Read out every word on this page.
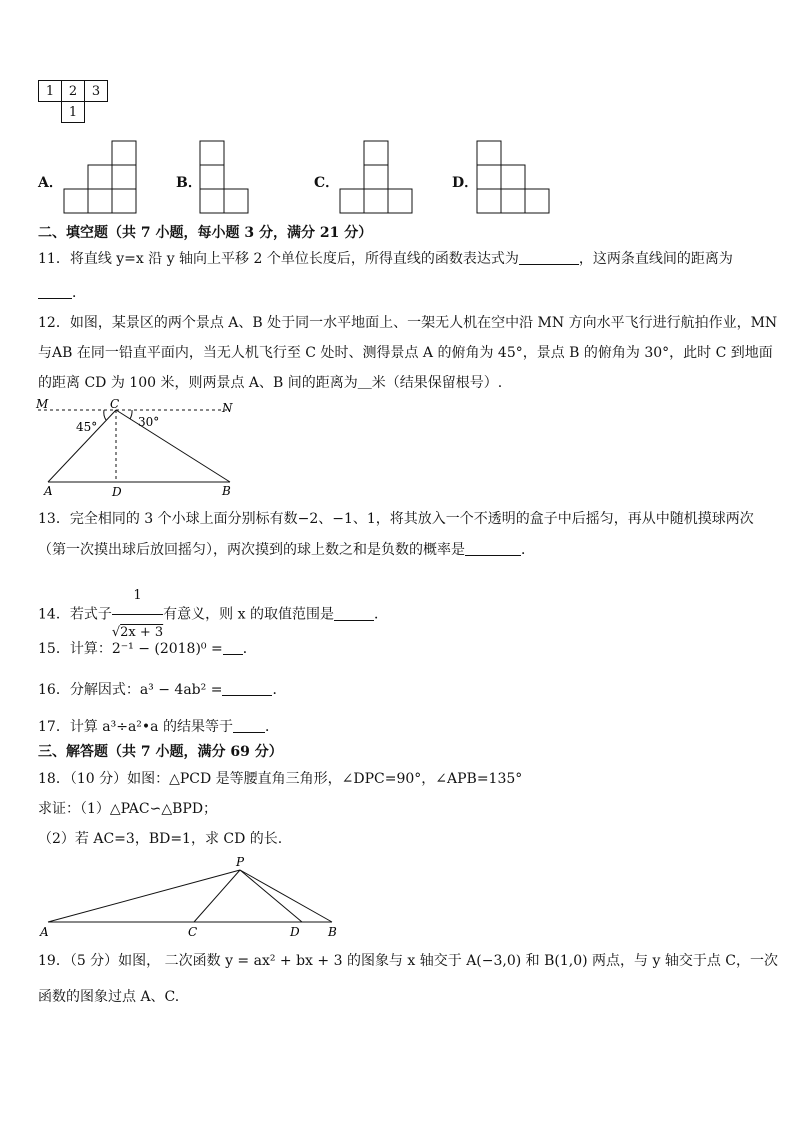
1	2	3
	1	
A．	B．	C．	D．
二、填空题（共 7 小题，每小题 3 分，满分 21 分）
11．将直线 y=x 沿 y 轴向上平移 2 个单位长度后，所得直线的函数表达式为	，这两条直线间的距离为
．
12．如图，某景区的两个景点 A、B 处于同一水平地面上、一架无人机在空中沿 MN 方向水平飞行进行航拍作业，MN
与AB 在同一铅直平面内，当无人机飞行至 C 处时、测得景点 A 的俯角为 45°，景点 B 的俯角为 30°，此时 C 到地面
的距离 CD 为 100 米，则两景点 A、B 间的距离为＿米（结果保留根号）.
M	C	N
45°	30°
A	D	B
13．完全相同的 3 个小球上面分别标有数−2、−1、1，将其放入一个不透明的盒子中后摇匀，再从中随机摸球两次
（第一次摸出球后放回摇匀），两次摸到的球上数之和是负数的概率是	．
14．若式子 $\frac{1}{√2x + 3}$ 有意义，则 x 的取值范围是	．
15．计算：2⁻¹ − (2018)⁰ = ．
16．分解因式：a³ − 4ab² =	．
17．计算 a³÷a²•a 的结果等于 ．
三、解答题（共 7 小题，满分 69 分）
18．（10 分）如图：△PCD 是等腰直角三角形，∠DPC=90°，∠APB=135°
求证：（1）△PAC∽△BPD；
（2）若 AC=3，BD=1，求 CD 的长.
P
A	C	D B
19．（5 分）如图， 二次函数 y = ax² + bx + 3 的图象与 x 轴交于 A(−3,0) 和 B(1,0) 两点，与 y 轴交于点 C，一次
函数的图象过点 A、C.
